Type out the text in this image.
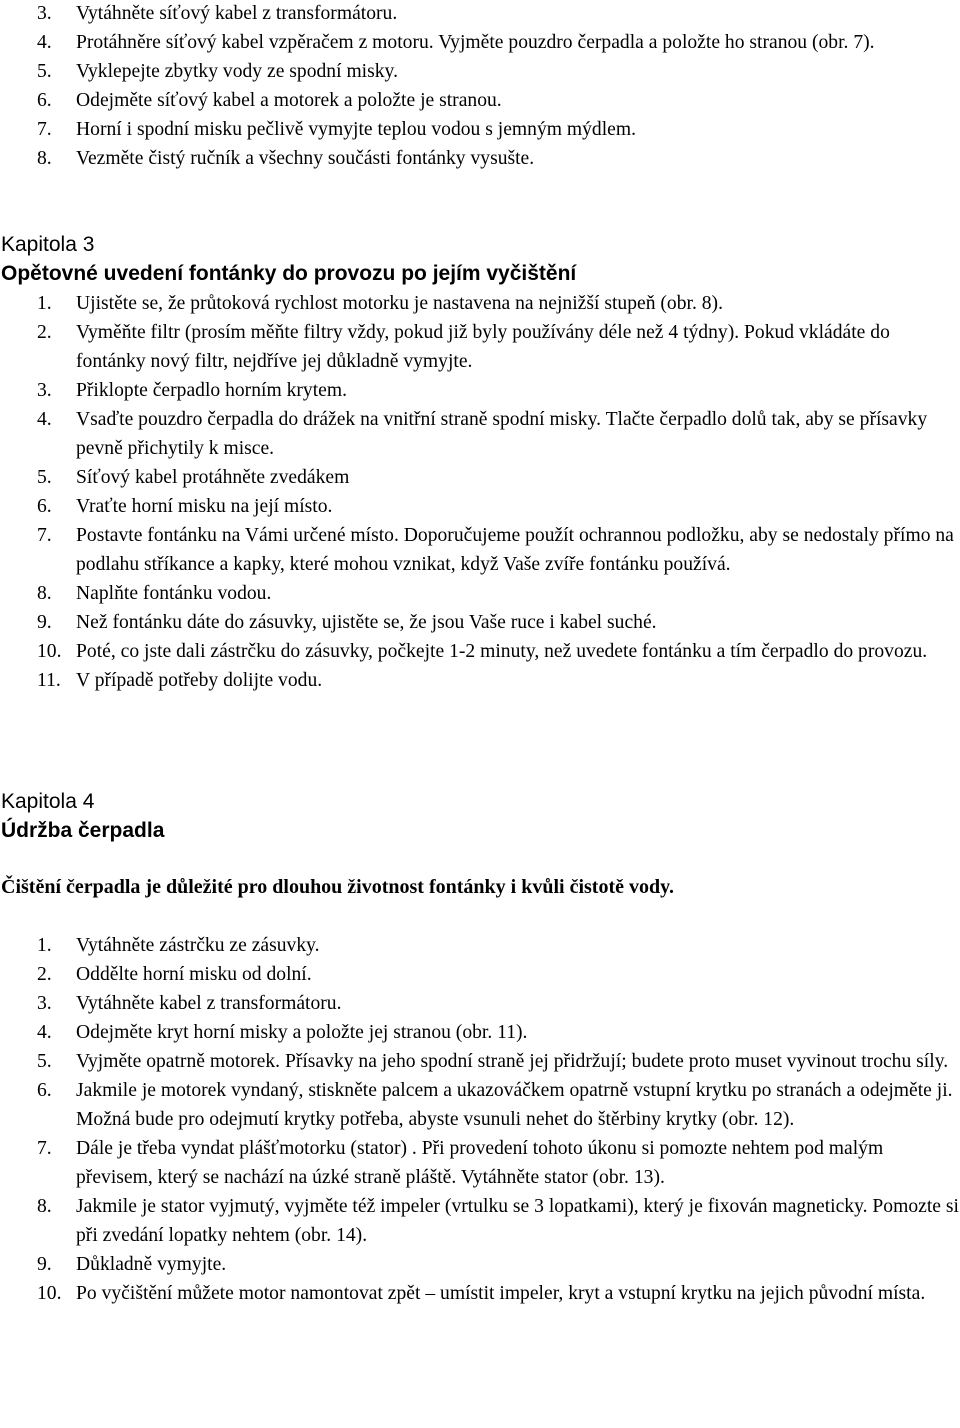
3. Vytáhněte síťový kabel z transformátoru.
4. Protáhněre síťový kabel vzpěračem z motoru. Vyjměte pouzdro čerpadla a položte ho stranou (obr. 7).
5. Vyklepejte zbytky vody ze spodní misky.
6. Odejměte síťový kabel a motorek a položte je stranou.
7. Horní i spodní misku pečlivě vymyjte teplou vodou s jemným mýdlem.
8. Vezměte čistý ručník a všechny součásti fontánky vysušte.

Kapitola 3

Opětovné uvedení fontánky do provozu po jejím vyčištění

1. Ujistěte se, že průtoková rychlost motorku je nastavena na nejnižší stupeň (obr. 8).
2. Vyměňte filtr (prosím měňte filtry vždy, pokud již byly používány déle než 4 týdny). Pokud vkládáte do fontánky nový filtr, nejdříve jej důkladně vymyjte.
3. Přiklopte čerpadlo horním krytem.
4. Vsaďte pouzdro čerpadla do drážek na vnitřní straně spodní misky. Tlačte čerpadlo dolů tak, aby se přísavky pevně přichytily k misce.
5. Síťový kabel protáhněte zvedákem
6. Vraťte horní misku na její místo.
7. Postavte fontánku na Vámi určené místo. Doporučujeme použít ochrannou podložku, aby se nedostaly přímo na podlahu stříkance a kapky, které mohou vznikat, když Vaše zvíře fontánku používá.
8. Naplňte fontánku vodou.
9. Než fontánku dáte do zásuvky, ujistěte se, že jsou Vaše ruce i kabel suché.
10. Poté, co jste dali zástrčku do zásuvky, počkejte 1-2 minuty, než uvedete fontánku a tím čerpadlo do provozu.
11. V případě potřeby dolijte vodu.

Kapitola 4

Údržba čerpadla

Čištění čerpadla je důležité pro dlouhou životnost fontánky i kvůli čistotě vody.

1. Vytáhněte zástrčku ze zásuvky.
2. Oddělte horní misku od dolní.
3. Vytáhněte kabel z transformátoru.
4. Odejměte kryt horní misky a položte jej stranou (obr. 11).
5. Vyjměte opatrně motorek. Přísavky na jeho spodní straně jej přidržují; budete proto muset vyvinout trochu síly.
6. Jakmile je motorek vyndaný, stiskněte palcem a ukazováčkem opatrně vstupní krytku po stranách a odejměte ji. Možná bude pro odejmutí krytky potřeba, abyste vsunuli nehet do štěrbiny krytky (obr. 12).
7. Dále je třeba vyndat plášťmotorku (stator) . Při provedení tohoto úkonu si pomozte nehtem pod malým převisem, který se nachází na úzké straně pláště. Vytáhněte stator (obr. 13).
8. Jakmile je stator vyjmutý, vyjměte též impeler (vrtulku se 3 lopatkami), který je fixován magneticky. Pomozte si při zvedání lopatky nehtem (obr. 14).
9. Důkladně vymyjte.
10. Po vyčištění můžete motor namontovat zpět – umístit impeler, kryt a vstupní krytku na jejich původní místa.
